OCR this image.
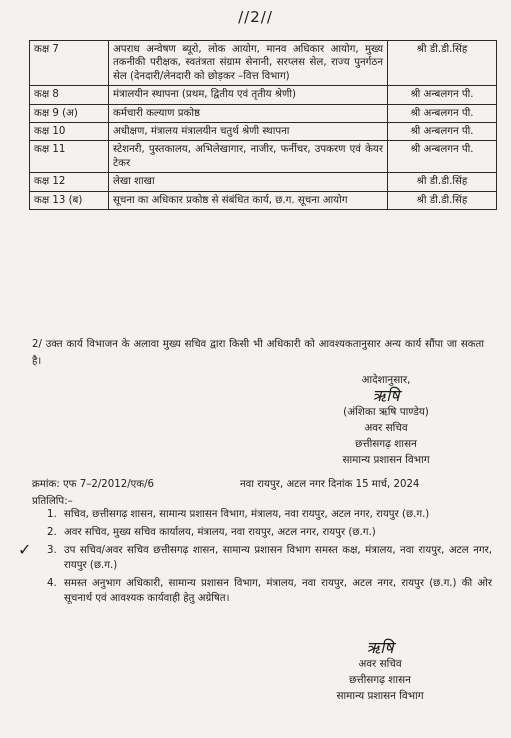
//2//
कक्ष 7	अपराध अन्वेषण ब्यूरो, लोक आयोग, मानव अधिकार आयोग, मुख्य तकनीकी परीक्षक, स्वतंत्रता संग्राम सेनानी, सरप्लस सेल, राज्य पुनर्गठन सेल (देनदारी/लेनदारी को छोड़कर –वित्त विभाग)	श्री डी.डी.सिंह
कक्ष 8	मंत्रालयीन स्थापना (प्रथम, द्वितीय एवं तृतीय श्रेणी)	श्री अन्बलगन पी.
कक्ष 9 (अ)	कर्मचारी कल्याण प्रकोष्ठ	श्री अन्बलगन पी.
कक्ष 10	अधीक्षण, मंत्रालय मंत्रालयीन चतुर्थ श्रेणी स्थापना	श्री अन्बलगन पी.
कक्ष 11	स्टेशनरी, पुस्तकालय, अभिलेखागार, नाजीर, फर्नीचर, उपकरण एवं केयर टेकर	श्री अन्बलगन पी.
कक्ष 12	लेखा शाखा	श्री डी.डी.सिंह
कक्ष 13 (ब)	सूचना का अधिकार प्रकोष्ठ से संबंधित कार्य, छ.ग. सूचना आयोग	श्री डी.डी.सिंह
2/ उक्त कार्य विभाजन के अलावा मुख्य सचिव द्वारा किसी भी अधिकारी को आवश्यकतानुसार अन्य कार्य सौंपा जा सकता है।
आदेशानुसार,
ऋषि
(अंशिका ऋषि पाण्डेय)
अवर सचिव
छत्तीसगढ़ शासन
सामान्य प्रशासन विभाग
क्रमांक: एफ 7–2/2012/एक/6	नवा रायपुर, अटल नगर दिनांक 15 मार्च, 2024
प्रतिलिपि:–
✓
1. सचिव, छत्तीसगढ़ शासन, सामान्य प्रशासन विभाग, मंत्रालय, नवा रायपुर, अटल नगर, रायपुर (छ.ग.)
2. अवर सचिव, मुख्य सचिव कार्यालय, मंत्रालय, नवा रायपुर, अटल नगर, रायपुर (छ.ग.)
3. उप सचिव/अवर सचिव छत्तीसगढ़ शासन, सामान्य प्रशासन विभाग समस्त कक्ष, मंत्रालय, नवा रायपुर, अटल नगर, रायपुर (छ.ग.)
4. समस्त अनुभाग अधिकारी, सामान्य प्रशासन विभाग, मंत्रालय, नवा रायपुर, अटल नगर, रायपुर (छ.ग.) की ओर सूचनार्थ एवं आवश्यक कार्यवाही हेतु अग्रेषित।
ऋषि
अवर सचिव
छत्तीसगढ़ शासन
सामान्य प्रशासन विभाग
